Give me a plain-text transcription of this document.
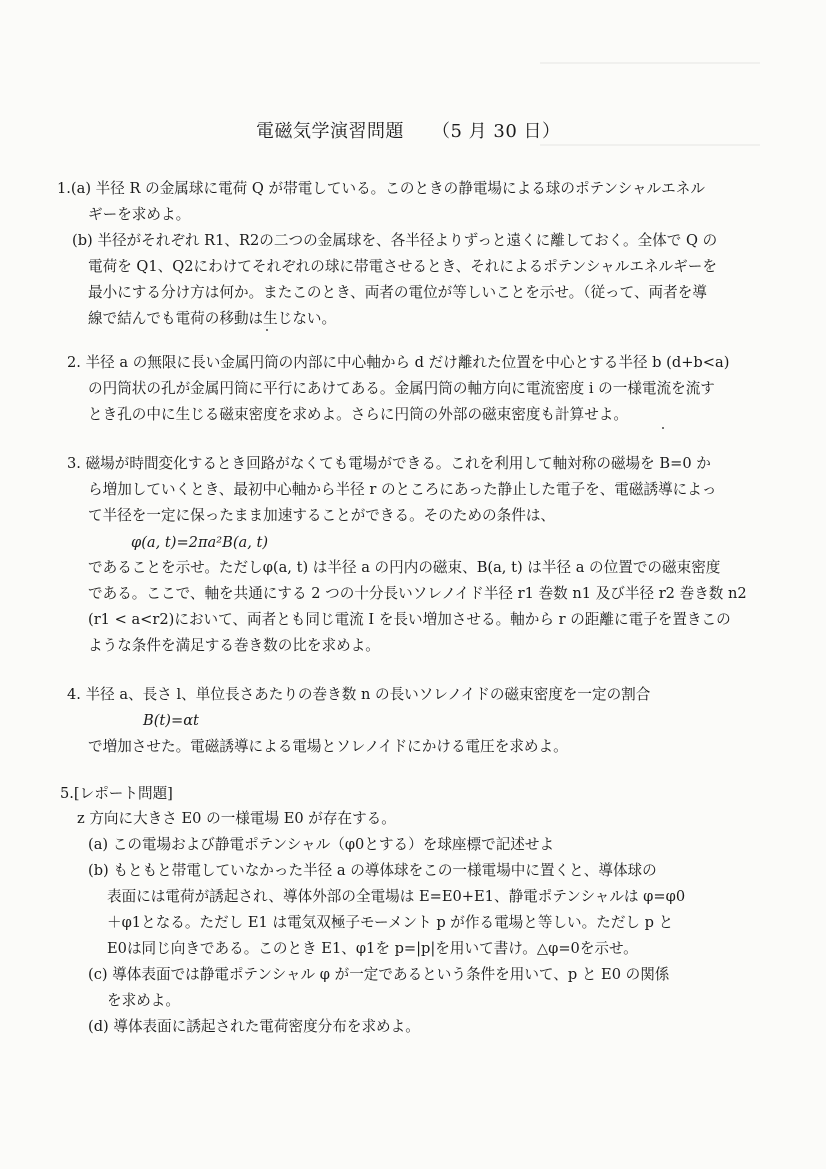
電磁気学演習問題 （5 月 30 日）
1.(a) 半径 R の金属球に電荷 Q が帯電している。このときの静電場による球のポテンシャルエネル
ギーを求めよ。
(b) 半径がそれぞれ R1、R2の二つの金属球を、各半径よりずっと遠くに離しておく。全体で Q の
電荷を Q1、Q2にわけてそれぞれの球に帯電させるとき、それによるポテンシャルエネルギーを
最小にする分け方は何か。またこのとき、両者の電位が等しいことを示せ。（従って、両者を導
線で結んでも電荷の移動は生じない。
2. 半径 a の無限に長い金属円筒の内部に中心軸から d だけ離れた位置を中心とする半径 b (d+b<a)
の円筒状の孔が金属円筒に平行にあけてある。金属円筒の軸方向に電流密度 i の一様電流を流す
とき孔の中に生じる磁束密度を求めよ。さらに円筒の外部の磁束密度も計算せよ。
3. 磁場が時間変化するとき回路がなくても電場ができる。これを利用して軸対称の磁場を B=0 か
ら増加していくとき、最初中心軸から半径 r のところにあった静止した電子を、電磁誘導によっ
て半径を一定に保ったまま加速することができる。そのための条件は、
φ(a, t)=2πa²B(a, t)
であることを示せ。ただしφ(a, t) は半径 a の円内の磁束、B(a, t) は半径 a の位置での磁束密度
である。ここで、軸を共通にする 2 つの十分長いソレノイド半径 r1 巻数 n1 及び半径 r2 巻き数 n2
(r1 < a<r2)において、両者とも同じ電流 I を長い増加させる。軸から r の距離に電子を置きこの
ような条件を満足する巻き数の比を求めよ。
4. 半径 a、長さ l、単位長さあたりの巻き数 n の長いソレノイドの磁束密度を一定の割合
B(t)=αt
で増加させた。電磁誘導による電場とソレノイドにかける電圧を求めよ。
5.[レポート問題]
z 方向に大きさ E0 の一様電場 E0 が存在する。
(a) この電場および静電ポテンシャル（φ0とする）を球座標で記述せよ
(b) もともと帯電していなかった半径 a の導体球をこの一様電場中に置くと、導体球の
表面には電荷が誘起され、導体外部の全電場は E=E0+E1、静電ポテンシャルは φ=φ0
＋φ1となる。ただし E1 は電気双極子モーメント p が作る電場と等しい。ただし p と
E0は同じ向きである。このとき E1、φ1を p=|p|を用いて書け。△φ=0を示せ。
(c) 導体表面では静電ポテンシャル φ が一定であるという条件を用いて、p と E0 の関係
を求めよ。
(d) 導体表面に誘起された電荷密度分布を求めよ。
